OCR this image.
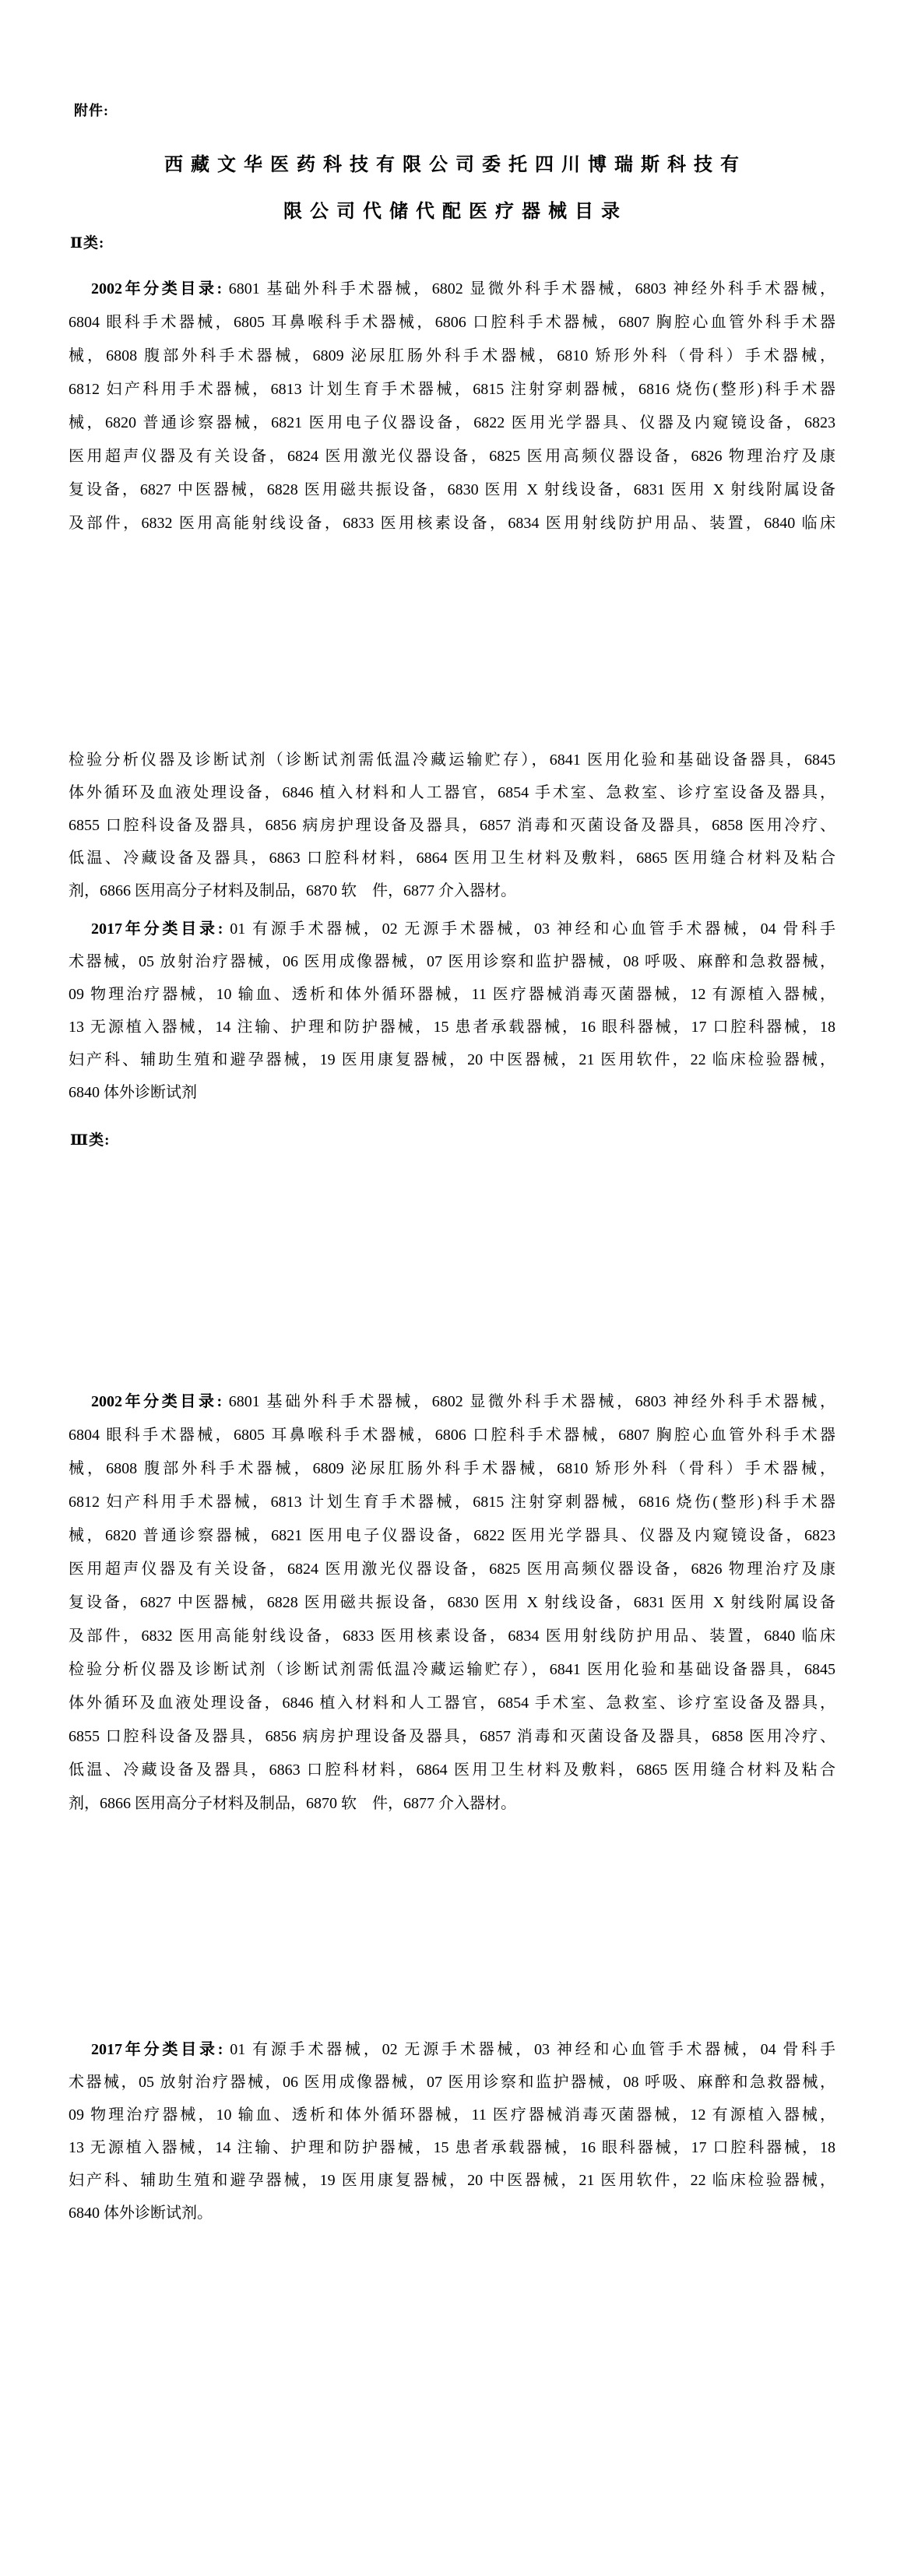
附件:
西藏文华医药科技有限公司委托四川博瑞斯科技有
限公司代储代配医疗器械目录
Ⅱ类:
2002年分类目录: 6801 基础外科手术器械，6802 显微外科手术器械，6803 神经外科手术器械，
6804 眼科手术器械，6805 耳鼻喉科手术器械，6806 口腔科手术器械，6807 胸腔心血管外科手术器
械，6808 腹部外科手术器械，6809 泌尿肛肠外科手术器械，6810 矫形外科（骨科）手术器械，
6812 妇产科用手术器械，6813 计划生育手术器械，6815 注射穿刺器械，6816 烧伤(整形)科手术器
械，6820 普通诊察器械，6821 医用电子仪器设备，6822 医用光学器具、仪器及内窥镜设备，6823
医用超声仪器及有关设备，6824 医用激光仪器设备，6825 医用高频仪器设备，6826 物理治疗及康
复设备，6827 中医器械，6828 医用磁共振设备，6830 医用 X 射线设备，6831 医用 X 射线附属设备
及部件，6832 医用高能射线设备，6833 医用核素设备，6834 医用射线防护用品、装置，6840 临床
检验分析仪器及诊断试剂（诊断试剂需低温冷藏运输贮存），6841 医用化验和基础设备器具，6845
体外循环及血液处理设备，6846 植入材料和人工器官，6854 手术室、急救室、诊疗室设备及器具，
6855 口腔科设备及器具，6856 病房护理设备及器具，6857 消毒和灭菌设备及器具，6858 医用冷疗、
低温、冷藏设备及器具，6863 口腔科材料，6864 医用卫生材料及敷料，6865 医用缝合材料及粘合
剂，6866 医用高分子材料及制品，6870 软　件，6877 介入器材。
2017年分类目录: 01 有源手术器械，02 无源手术器械，03 神经和心血管手术器械，04 骨科手
术器械，05 放射治疗器械，06 医用成像器械，07 医用诊察和监护器械，08 呼吸、麻醉和急救器械，
09 物理治疗器械，10 输血、透析和体外循环器械，11 医疗器械消毒灭菌器械，12 有源植入器械，
13 无源植入器械，14 注输、护理和防护器械，15 患者承载器械，16 眼科器械，17 口腔科器械，18
妇产科、辅助生殖和避孕器械，19 医用康复器械，20 中医器械，21 医用软件，22 临床检验器械，
6840 体外诊断试剂
Ⅲ类:
2002年分类目录: 6801 基础外科手术器械，6802 显微外科手术器械，6803 神经外科手术器械，
6804 眼科手术器械，6805 耳鼻喉科手术器械，6806 口腔科手术器械，6807 胸腔心血管外科手术器
械，6808 腹部外科手术器械，6809 泌尿肛肠外科手术器械，6810 矫形外科（骨科）手术器械，
6812 妇产科用手术器械，6813 计划生育手术器械，6815 注射穿刺器械，6816 烧伤(整形)科手术器
械，6820 普通诊察器械，6821 医用电子仪器设备，6822 医用光学器具、仪器及内窥镜设备，6823
医用超声仪器及有关设备，6824 医用激光仪器设备，6825 医用高频仪器设备，6826 物理治疗及康
复设备，6827 中医器械，6828 医用磁共振设备，6830 医用 X 射线设备，6831 医用 X 射线附属设备
及部件，6832 医用高能射线设备，6833 医用核素设备，6834 医用射线防护用品、装置，6840 临床
检验分析仪器及诊断试剂（诊断试剂需低温冷藏运输贮存），6841 医用化验和基础设备器具，6845
体外循环及血液处理设备，6846 植入材料和人工器官，6854 手术室、急救室、诊疗室设备及器具，
6855 口腔科设备及器具，6856 病房护理设备及器具，6857 消毒和灭菌设备及器具，6858 医用冷疗、
低温、冷藏设备及器具，6863 口腔科材料，6864 医用卫生材料及敷料，6865 医用缝合材料及粘合
剂，6866 医用高分子材料及制品，6870 软　件，6877 介入器材。
2017年分类目录: 01 有源手术器械，02 无源手术器械，03 神经和心血管手术器械，04 骨科手
术器械，05 放射治疗器械，06 医用成像器械，07 医用诊察和监护器械，08 呼吸、麻醉和急救器械，
09 物理治疗器械，10 输血、透析和体外循环器械，11 医疗器械消毒灭菌器械，12 有源植入器械，
13 无源植入器械，14 注输、护理和防护器械，15 患者承载器械，16 眼科器械，17 口腔科器械，18
妇产科、辅助生殖和避孕器械，19 医用康复器械，20 中医器械，21 医用软件，22 临床检验器械，
6840 体外诊断试剂。
